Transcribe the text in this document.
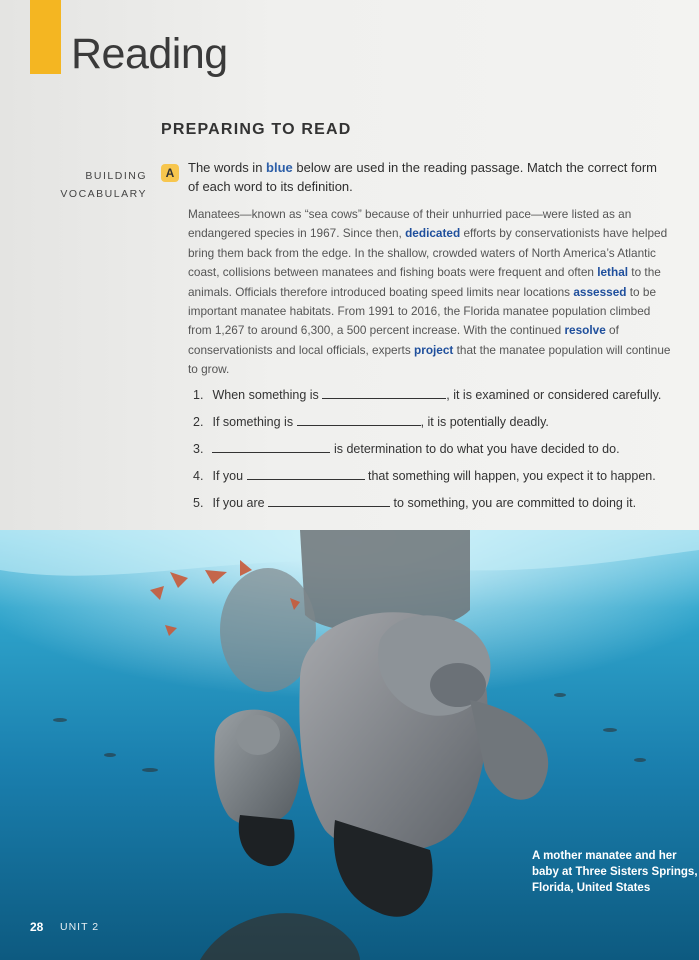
Reading
PREPARING TO READ
BUILDING
VOCABULARY
A	The words in blue below are used in the reading passage. Match the correct form of each word to its definition.
Manatees—known as “sea cows” because of their unhurried pace—were listed as an endangered species in 1967. Since then, dedicated efforts by conservationists have helped bring them back from the edge. In the shallow, crowded waters of North America’s Atlantic coast, collisions between manatees and fishing boats were frequent and often lethal to the animals. Officials therefore introduced boating speed limits near locations assessed to be important manatee habitats. From 1991 to 2016, the Florida manatee population climbed from 1,267 to around 6,300, a 500 percent increase. With the continued resolve of conservationists and local officials, experts project that the manatee population will continue to grow.
1. When something is	, it is examined or considered carefully.
2. If something is	, it is potentially deadly.
3.	is determination to do what you have decided to do.
4. If you	that something will happen, you expect it to happen.
5. If you are	to something, you are committed to doing it.
A mother manatee and her baby at Three Sisters Springs, Florida, United States
28 UNIT 2
